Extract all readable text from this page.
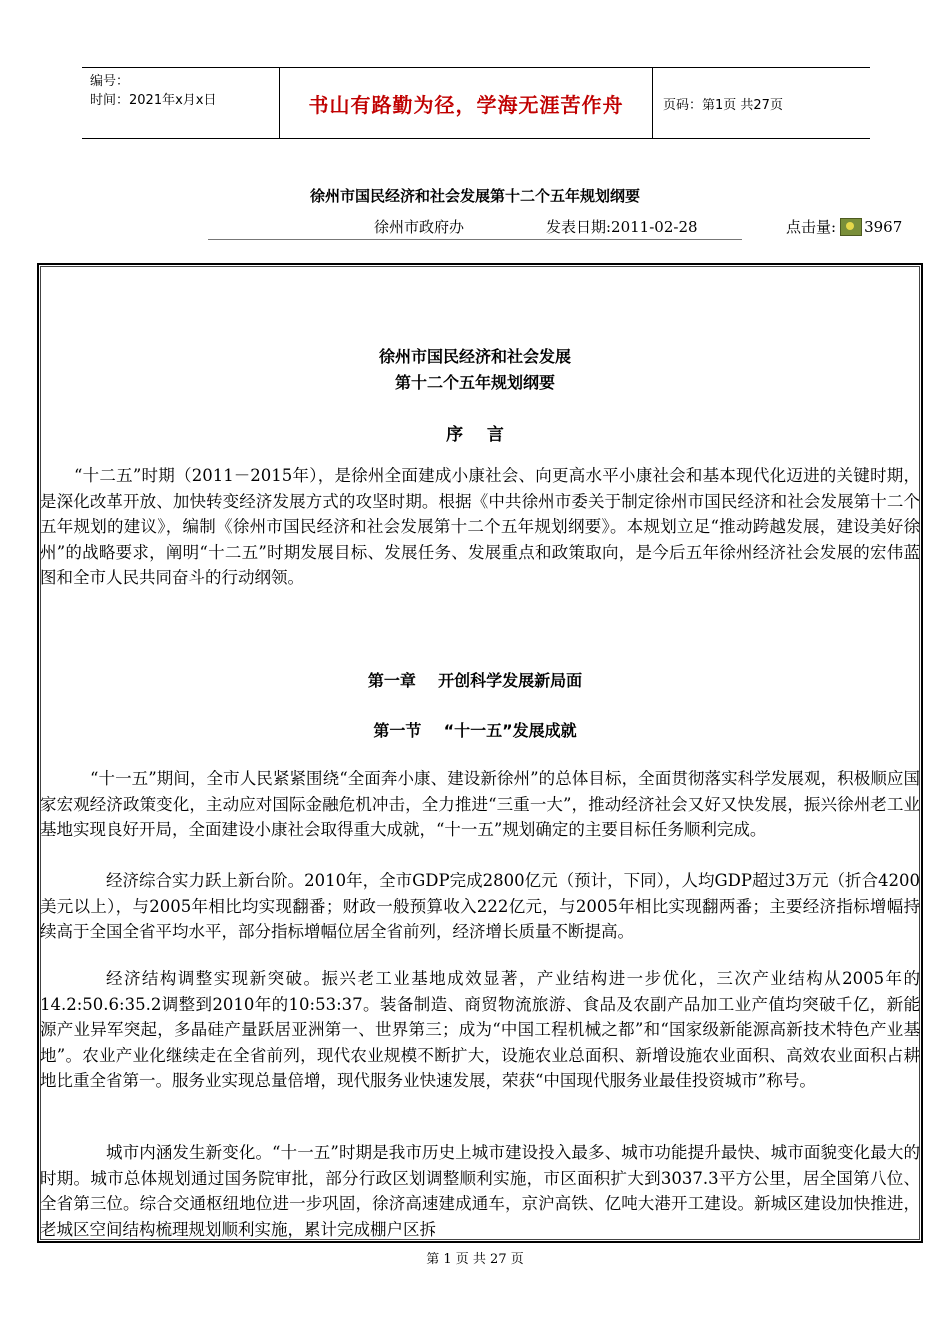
编号：
时间：2021年x月x日	书山有路勤为径，学海无涯苦作舟	页码：第1页 共27页
徐州市国民经济和社会发展第十二个五年规划纲要
徐州市政府办	发表日期:2011-02-28	点击量: 3967
徐州市国民经济和社会发展
第十二个五年规划纲要
序    言

“十二五”时期（2011－2015年），是徐州全面建成小康社会、向更高水平小康社会和基本现代化迈进的关键时期，是深化改革开放、加快转变经济发展方式的攻坚时期。根据《中共徐州市委关于制定徐州市国民经济和社会发展第十二个五年规划的建议》，编制《徐州市国民经济和社会发展第十二个五年规划纲要》。本规划立足“推动跨越发展，建设美好徐州”的战略要求，阐明“十二五”时期发展目标、发展任务、发展重点和政策取向，是今后五年徐州经济社会发展的宏伟蓝图和全市人民共同奋斗的行动纲领。

第一章    开创科学发展新局面
第一节    “十一五”发展成就

“十一五”期间，全市人民紧紧围绕“全面奔小康、建设新徐州”的总体目标，全面贯彻落实科学发展观，积极顺应国家宏观经济政策变化，主动应对国际金融危机冲击，全力推进“三重一大”，推动经济社会又好又快发展，振兴徐州老工业基地实现良好开局，全面建设小康社会取得重大成就，“十一五”规划确定的主要目标任务顺利完成。

经济综合实力跃上新台阶。2010年，全市GDP完成2800亿元（预计，下同），人均GDP超过3万元（折合4200美元以上），与2005年相比均实现翻番；财政一般预算收入222亿元，与2005年相比实现翻两番；主要经济指标增幅持续高于全国全省平均水平，部分指标增幅位居全省前列，经济增长质量不断提高。

经济结构调整实现新突破。振兴老工业基地成效显著，产业结构进一步优化，三次产业结构从2005年的14.2:50.6:35.2调整到2010年的10:53:37。装备制造、商贸物流旅游、食品及农副产品加工业产值均突破千亿，新能源产业异军突起，多晶硅产量跃居亚洲第一、世界第三；成为“中国工程机械之都”和“国家级新能源高新技术特色产业基地”。农业产业化继续走在全省前列，现代农业规模不断扩大，设施农业总面积、新增设施农业面积、高效农业面积占耕地比重全省第一。服务业实现总量倍增，现代服务业快速发展，荣获“中国现代服务业最佳投资城市”称号。

城市内涵发生新变化。“十一五”时期是我市历史上城市建设投入最多、城市功能提升最快、城市面貌变化最大的时期。城市总体规划通过国务院审批，部分行政区划调整顺利实施，市区面积扩大到3037.3平方公里，居全国第八位、全省第三位。综合交通枢纽地位进一步巩固，徐济高速建成通车，京沪高铁、亿吨大港开工建设。新城区建设加快推进，老城区空间结构梳理规划顺利实施，累计完成棚户区拆

第 1 页 共 27 页
